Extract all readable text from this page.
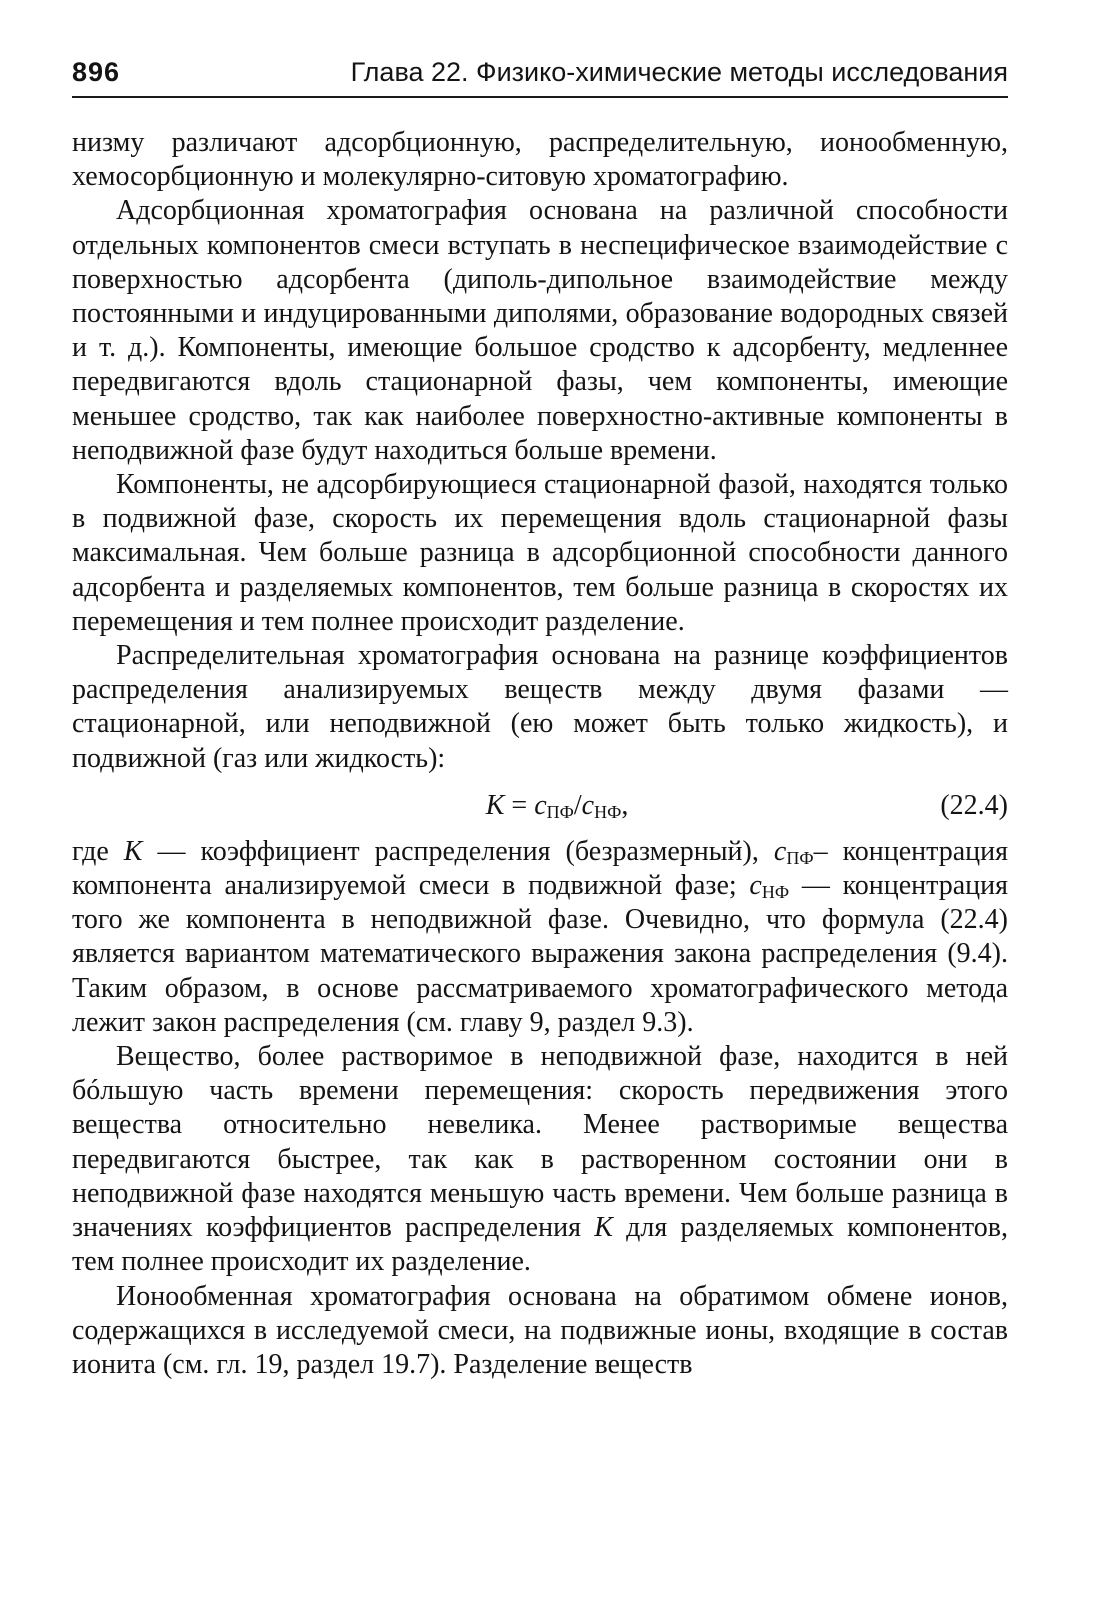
896	Глава 22. Физико-химические методы исследования

низму различают адсорбционную, распределительную, ионообменную, хемосорбционную и молекулярно-ситовую хроматографию.

Адсорбционная хроматография основана на различной способности отдельных компонентов смеси вступать в неспецифическое взаимодействие с поверхностью адсорбента (диполь-дипольное взаимодействие между постоянными и индуцированными диполями, образование водородных связей и т. д.). Компоненты, имеющие большое сродство к адсорбенту, медленнее передвигаются вдоль стационарной фазы, чем компоненты, имеющие меньшее сродство, так как наиболее поверхностно-активные компоненты в неподвижной фазе будут находиться больше времени.

Компоненты, не адсорбирующиеся стационарной фазой, находятся только в подвижной фазе, скорость их перемещения вдоль стационарной фазы максимальная. Чем больше разница в адсорбционной способности данного адсорбента и разделяемых компонентов, тем больше разница в скоростях их перемещения и тем полнее происходит разделение.

Распределительная хроматография основана на разнице коэффициентов распределения анализируемых веществ между двумя фазами — стационарной, или неподвижной (ею может быть только жидкость), и подвижной (газ или жидкость):

$K = c_{ПФ}/c_{НФ}$,	(22.4)

где K — коэффициент распределения (безразмерный), $c_{ПФ}-$ концентрация компонента анализируемой смеси в подвижной фазе; $c_{НФ}$ — концентрация того же компонента в неподвижной фазе. Очевидно, что формула (22.4) является вариантом математического выражения закона распределения (9.4). Таким образом, в основе рассматриваемого хроматографического метода лежит закон распределения (см. главу 9, раздел 9.3).

Вещество, более растворимое в неподвижной фазе, находится в ней бóльшую часть времени перемещения: скорость передвижения этого вещества относительно невелика. Менее растворимые вещества передвигаются быстрее, так как в растворенном состоянии они в неподвижной фазе находятся меньшую часть времени. Чем больше разница в значениях коэффициентов распределения K для разделяемых компонентов, тем полнее происходит их разделение.

Ионообменная хроматография основана на обратимом обмене ионов, содержащихся в исследуемой смеси, на подвижные ионы, входящие в состав ионита (см. гл. 19, раздел 19.7). Разделение веществ
